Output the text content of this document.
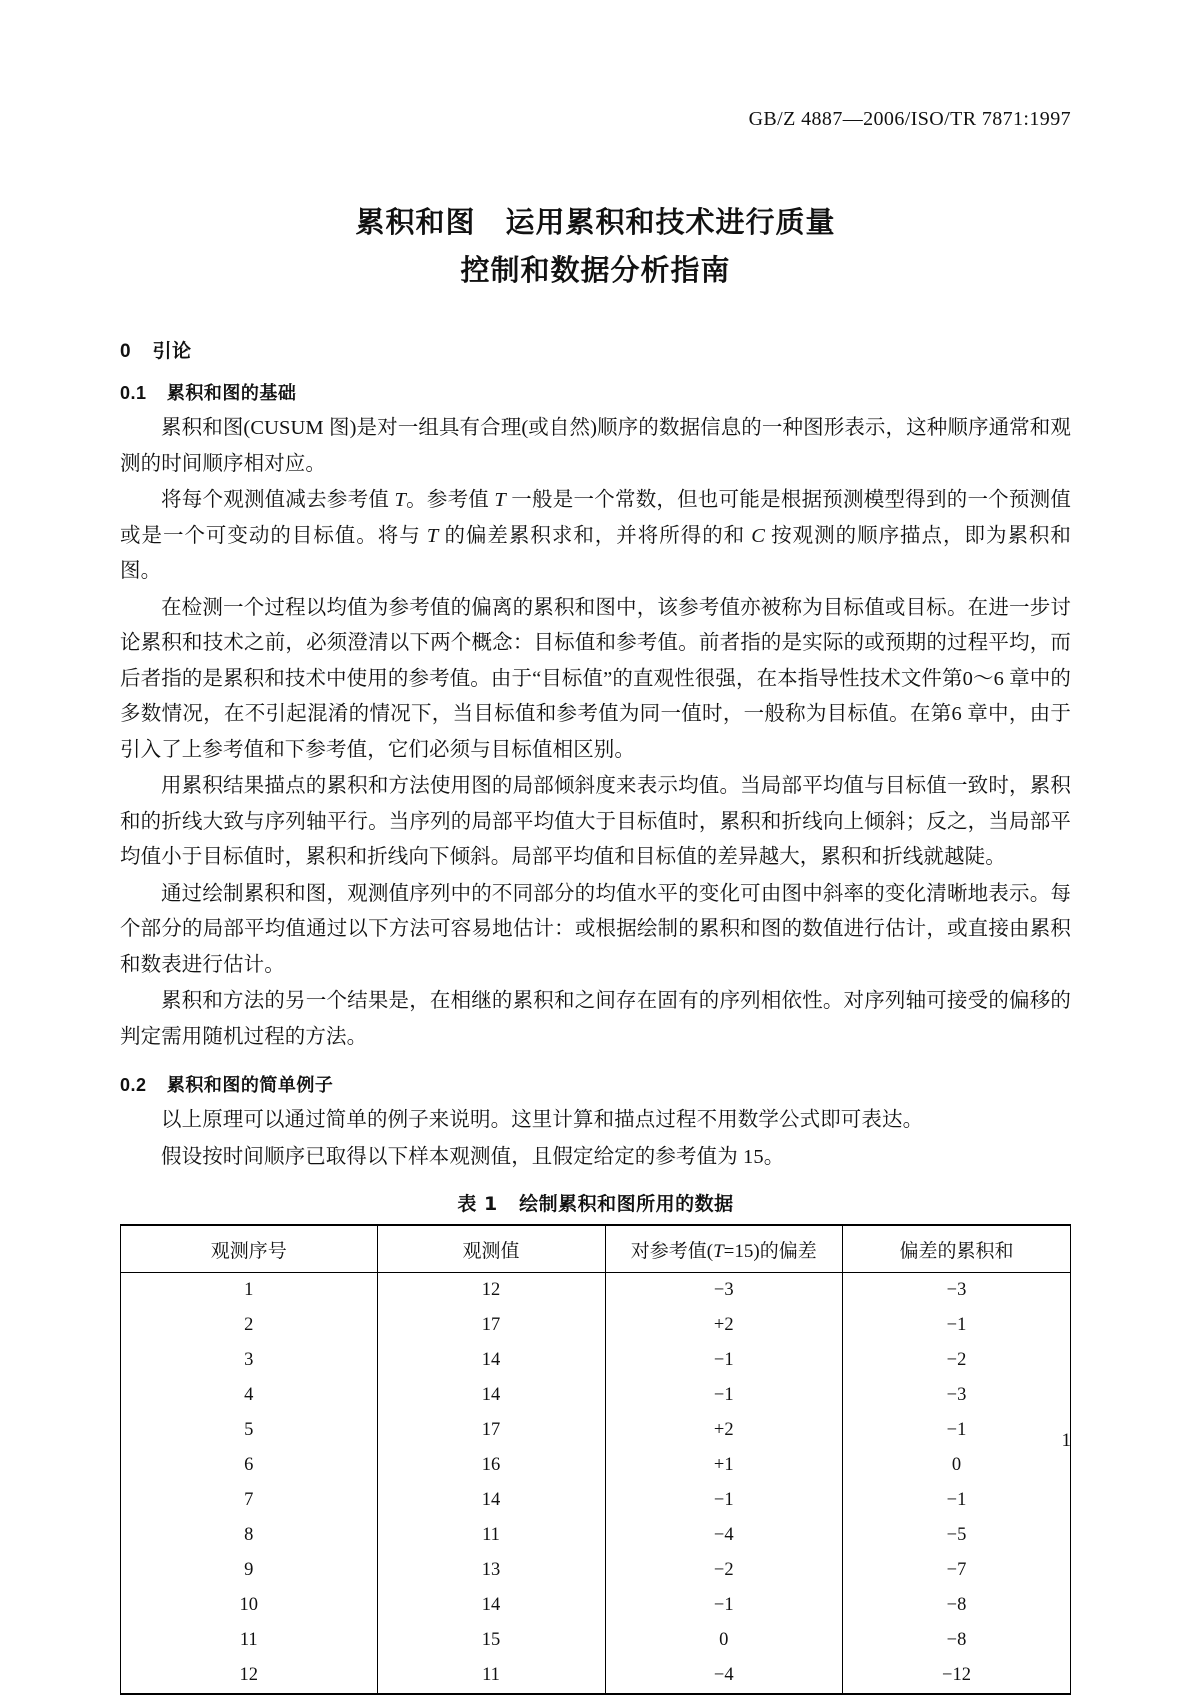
GB/Z 4887—2006/ISO/TR 7871:1997
累积和图　运用累积和技术进行质量
控制和数据分析指南
0 引论
0.1 累积和图的基础

累积和图(CUSUM 图)是对一组具有合理(或自然)顺序的数据信息的一种图形表示，这种顺序通常和观测的时间顺序相对应。

将每个观测值减去参考值 T。参考值 T 一般是一个常数，但也可能是根据预测模型得到的一个预测值或是一个可变动的目标值。将与 T 的偏差累积求和，并将所得的和 C 按观测的顺序描点，即为累积和图。

在检测一个过程以均值为参考值的偏离的累积和图中，该参考值亦被称为目标值或目标。在进一步讨论累积和技术之前，必须澄清以下两个概念：目标值和参考值。前者指的是实际的或预期的过程平均，而后者指的是累积和技术中使用的参考值。由于“目标值”的直观性很强，在本指导性技术文件第0～6 章中的多数情况，在不引起混淆的情况下，当目标值和参考值为同一值时，一般称为目标值。在第6 章中，由于引入了上参考值和下参考值，它们必须与目标值相区别。

用累积结果描点的累积和方法使用图的局部倾斜度来表示均值。当局部平均值与目标值一致时，累积和的折线大致与序列轴平行。当序列的局部平均值大于目标值时，累积和折线向上倾斜；反之，当局部平均值小于目标值时，累积和折线向下倾斜。局部平均值和目标值的差异越大，累积和折线就越陡。

通过绘制累积和图，观测值序列中的不同部分的均值水平的变化可由图中斜率的变化清晰地表示。每个部分的局部平均值通过以下方法可容易地估计：或根据绘制的累积和图的数值进行估计，或直接由累积和数表进行估计。

累积和方法的另一个结果是，在相继的累积和之间存在固有的序列相依性。对序列轴可接受的偏移的判定需用随机过程的方法。

0.2 累积和图的简单例子

以上原理可以通过简单的例子来说明。这里计算和描点过程不用数学公式即可表达。

假设按时间顺序已取得以下样本观测值，且假定给定的参考值为 15。

表 1 绘制累积和图所用的数据
观测序号	观测值	对参考值(T=15)的偏差	偏差的累积和
1	12	−3	−3
2	17	+2	−1
3	14	−1	−2
4	14	−1	−3
5	17	+2	−1
6	16	+1	0
7	14	−1	−1
8	11	−4	−5
9	13	−2	−7
10	14	−1	−8
11	15	0	−8
12	11	−4	−12
1
